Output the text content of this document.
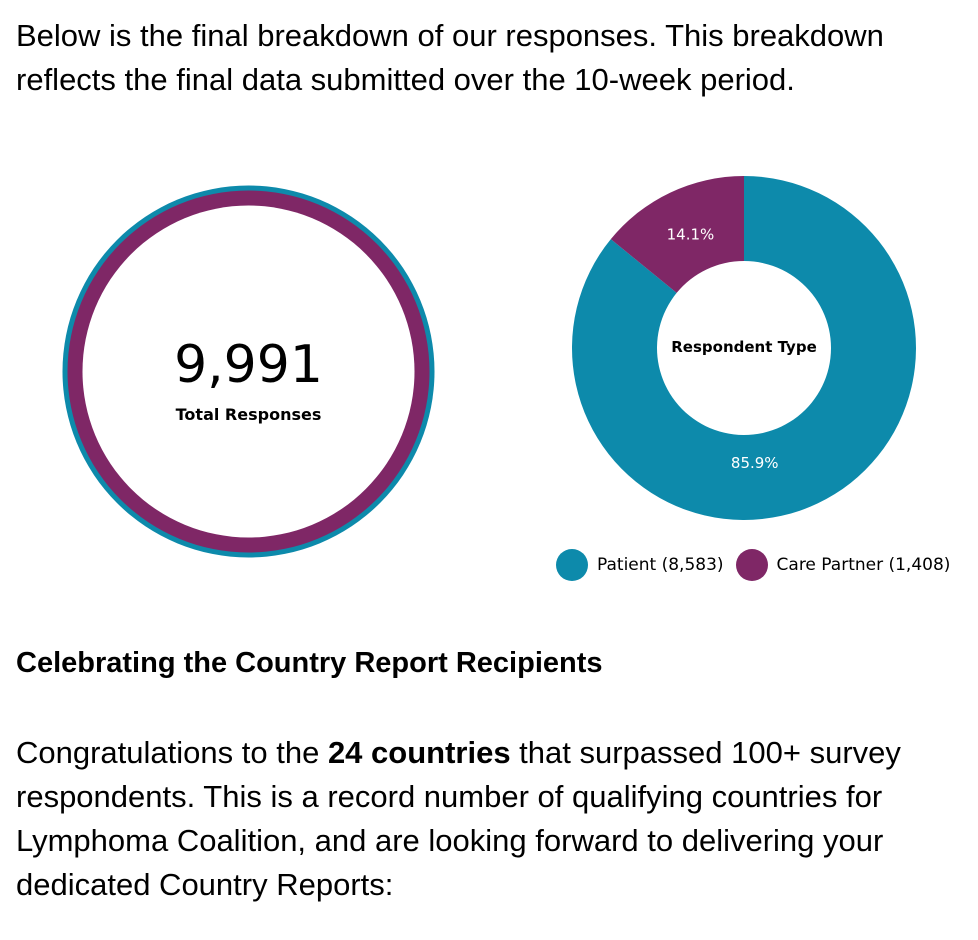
Below is the final breakdown of our responses. This breakdown
reflects the final data submitted over the 10-week period.

9,991
Total Responses
85.9%
14.1%
Respondent Type
Patient (8,583)	Care Partner (1,408)
Celebrating the Country Report Recipients

Congratulations to the 24 countries that surpassed 100+ survey respondents. This is a record number of qualifying countries for Lymphoma Coalition, and are looking forward to delivering your dedicated Country Reports:
